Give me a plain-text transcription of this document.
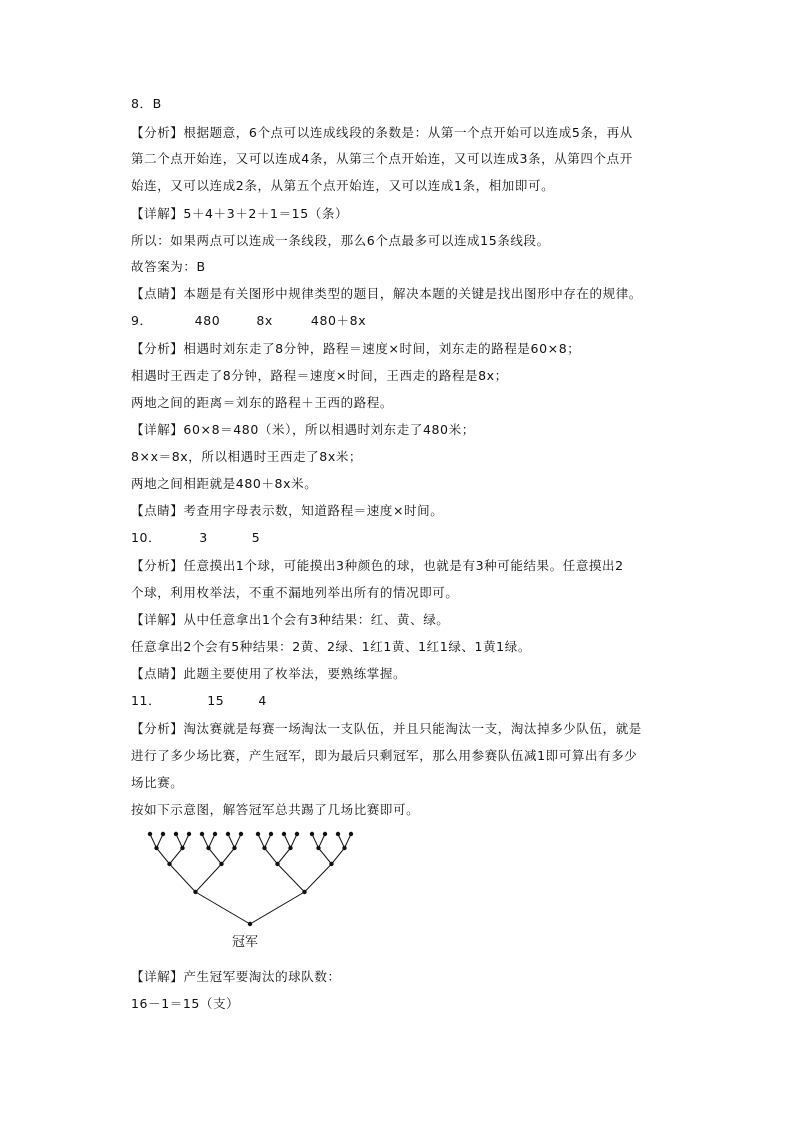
8．B
【分析】根据题意，6个点可以连成线段的条数是：从第一个点开始可以连成5条，再从
第二个点开始连，又可以连成4条，从第三个点开始连，又可以连成3条，从第四个点开
始连，又可以连成2条，从第五个点开始连，又可以连成1条，相加即可。
【详解】5＋4＋3＋2＋1＝15（条）
所以：如果两点可以连成一条线段，那么6个点最多可以连成15条线段。
故答案为：B
【点睛】本题是有关图形中规律类型的题目，解决本题的关键是找出图形中存在的规律。
9．	480	8x	480＋8x
【分析】相遇时刘东走了8分钟，路程＝速度×时间，刘东走的路程是60×8；
相遇时王西走了8分钟，路程＝速度×时间，王西走的路程是8x；
两地之间的距离＝刘东的路程＋王西的路程。
【详解】60×8＝480（米），所以相遇时刘东走了480米；
8×x＝8x，所以相遇时王西走了8x米；
两地之间相距就是480＋8x米。
【点睛】考查用字母表示数，知道路程＝速度×时间。
10．	3	5
【分析】任意摸出1个球，可能摸出3种颜色的球，也就是有3种可能结果。任意摸出2
个球，利用枚举法，不重不漏地列举出所有的情况即可。
【详解】从中任意拿出1个会有3种结果：红、黄、绿。
任意拿出2个会有5种结果：2黄、2绿、1红1黄、1红1绿、1黄1绿。
【点睛】此题主要使用了枚举法，要熟练掌握。
11．	15	4
【分析】淘汰赛就是每赛一场淘汰一支队伍，并且只能淘汰一支，淘汰掉多少队伍，就是
进行了多少场比赛，产生冠军，即为最后只剩冠军，那么用参赛队伍减1即可算出有多少
场比赛。
按如下示意图，解答冠军总共踢了几场比赛即可。
冠军
【详解】产生冠军要淘汰的球队数：
16－1＝15（支）
